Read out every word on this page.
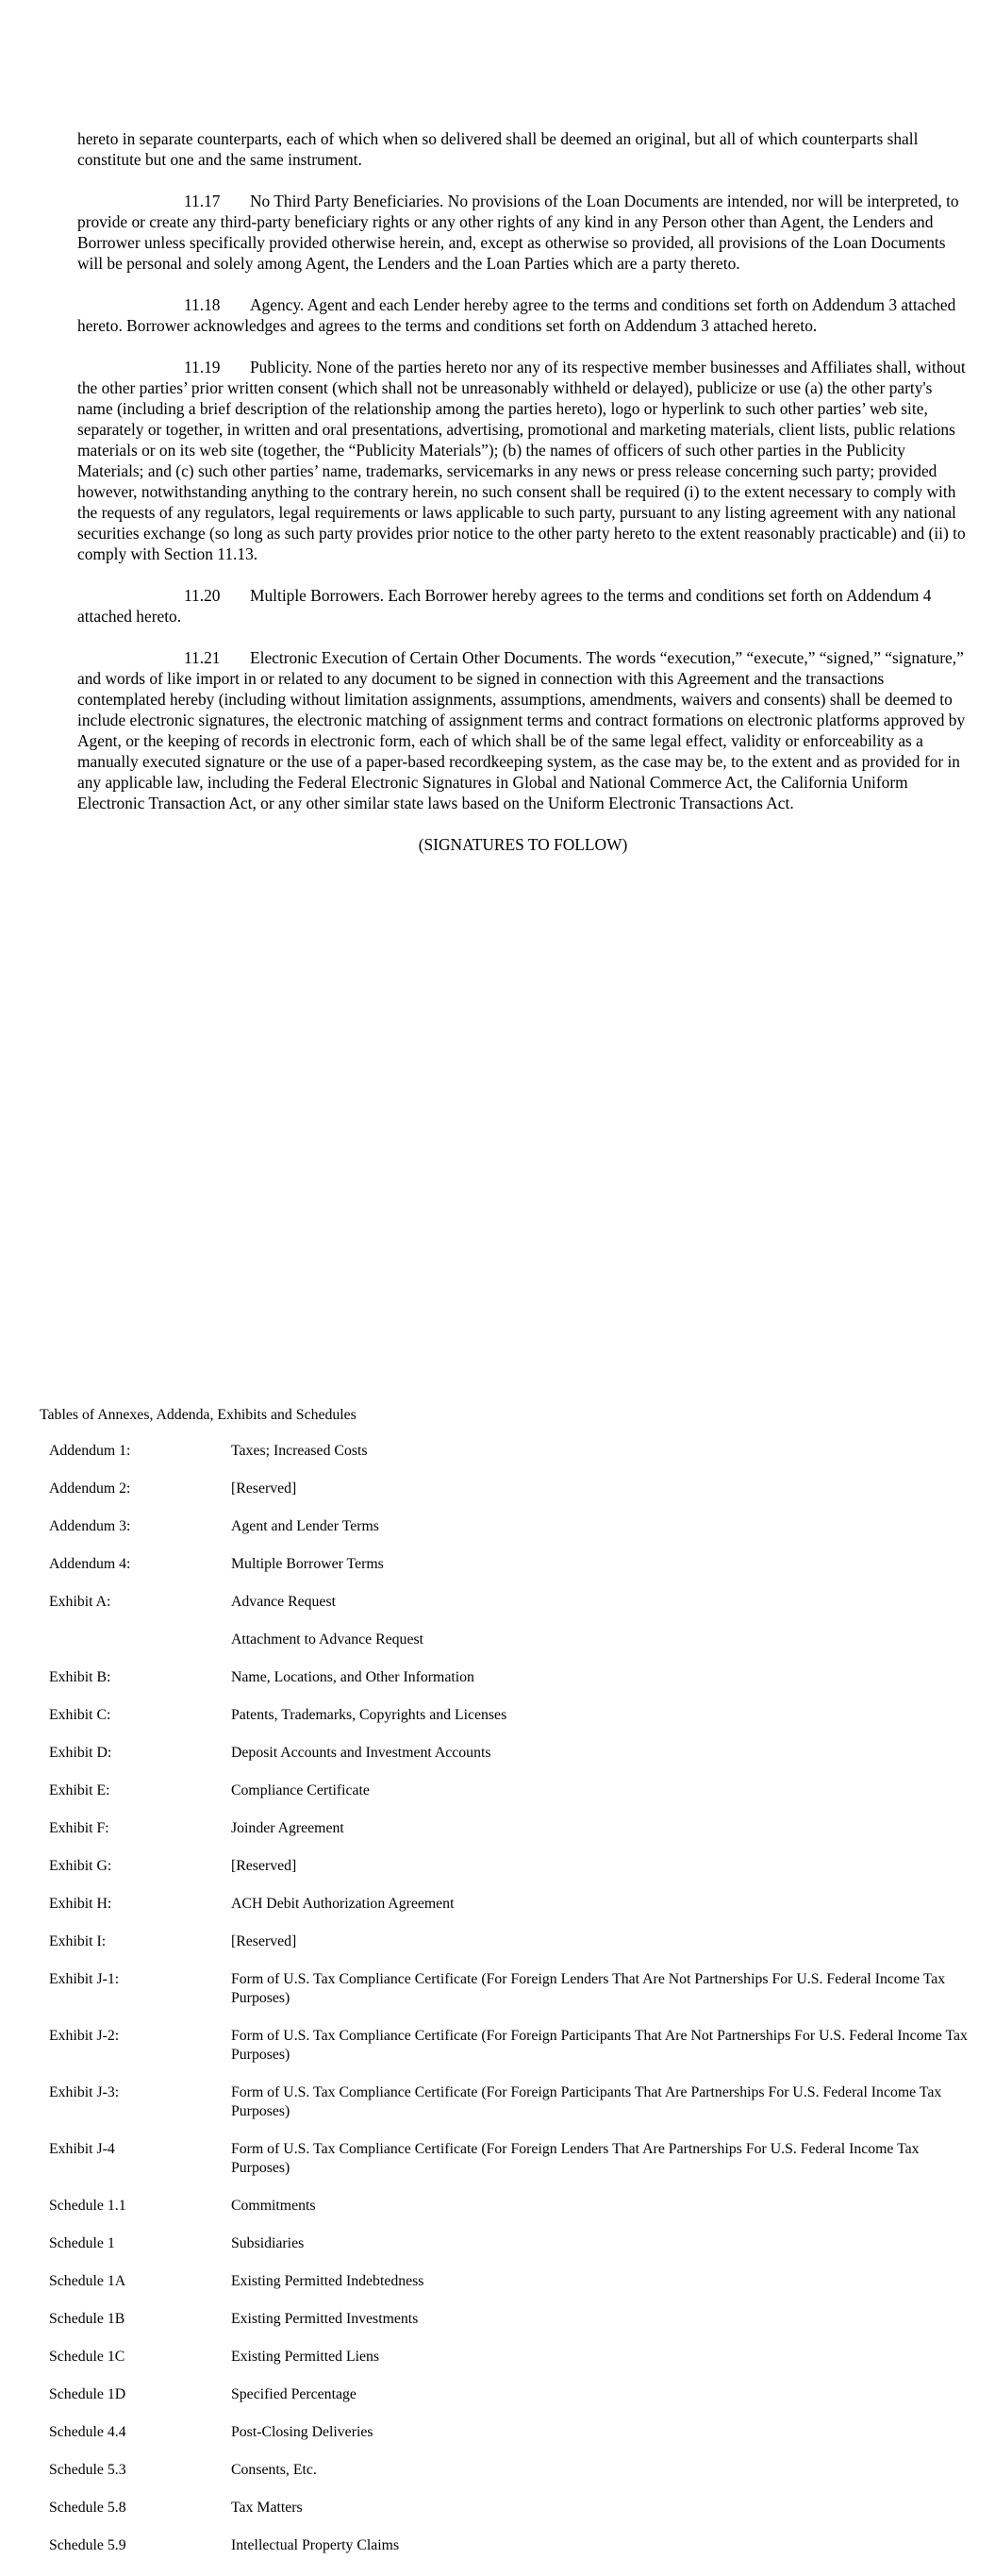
hereto in separate counterparts, each of which when so delivered shall be deemed an original, but all of which counterparts shall constitute but one and the same instrument.

11.17 No Third Party Beneficiaries. No provisions of the Loan Documents are intended, nor will be interpreted, to provide or create any third-party beneficiary rights or any other rights of any kind in any Person other than Agent, the Lenders and Borrower unless specifically provided otherwise herein, and, except as otherwise so provided, all provisions of the Loan Documents will be personal and solely among Agent, the Lenders and the Loan Parties which are a party thereto.

11.18 Agency. Agent and each Lender hereby agree to the terms and conditions set forth on Addendum 3 attached hereto. Borrower acknowledges and agrees to the terms and conditions set forth on Addendum 3 attached hereto.

11.19 Publicity. None of the parties hereto nor any of its respective member businesses and Affiliates shall, without the other parties’ prior written consent (which shall not be unreasonably withheld or delayed), publicize or use (a) the other party's name (including a brief description of the relationship among the parties hereto), logo or hyperlink to such other parties’ web site, separately or together, in written and oral presentations, advertising, promotional and marketing materials, client lists, public relations materials or on its web site (together, the “Publicity Materials”); (b) the names of officers of such other parties in the Publicity Materials; and (c) such other parties’ name, trademarks, servicemarks in any news or press release concerning such party; provided however, notwithstanding anything to the contrary herein, no such consent shall be required (i) to the extent necessary to comply with the requests of any regulators, legal requirements or laws applicable to such party, pursuant to any listing agreement with any national securities exchange (so long as such party provides prior notice to the other party hereto to the extent reasonably practicable) and (ii) to comply with Section 11.13.

11.20 Multiple Borrowers. Each Borrower hereby agrees to the terms and conditions set forth on Addendum 4 attached hereto.

11.21 Electronic Execution of Certain Other Documents. The words “execution,” “execute,” “signed,” “signature,” and words of like import in or related to any document to be signed in connection with this Agreement and the transactions contemplated hereby (including without limitation assignments, assumptions, amendments, waivers and consents) shall be deemed to include electronic signatures, the electronic matching of assignment terms and contract formations on electronic platforms approved by Agent, or the keeping of records in electronic form, each of which shall be of the same legal effect, validity or enforceability as a manually executed signature or the use of a paper-based recordkeeping system, as the case may be, to the extent and as provided for in any applicable law, including the Federal Electronic Signatures in Global and National Commerce Act, the California Uniform Electronic Transaction Act, or any other similar state laws based on the Uniform Electronic Transactions Act.

(SIGNATURES TO FOLLOW)
Tables of Annexes, Addenda, Exhibits and Schedules
Addendum 1:	Taxes; Increased Costs
Addendum 2:	[Reserved]
Addendum 3:	Agent and Lender Terms
Addendum 4:	Multiple Borrower Terms
Exhibit A:	Advance Request
Attachment to Advance Request
Exhibit B:	Name, Locations, and Other Information
Exhibit C:	Patents, Trademarks, Copyrights and Licenses
Exhibit D:	Deposit Accounts and Investment Accounts
Exhibit E:	Compliance Certificate
Exhibit F:	Joinder Agreement
Exhibit G:	[Reserved]
Exhibit H:	ACH Debit Authorization Agreement
Exhibit I:	[Reserved]
Exhibit J-1:	Form of U.S. Tax Compliance Certificate (For Foreign Lenders That Are Not Partnerships For U.S. Federal Income Tax Purposes)
Exhibit J-2:	Form of U.S. Tax Compliance Certificate (For Foreign Participants That Are Not Partnerships For U.S. Federal Income Tax Purposes)
Exhibit J-3:	Form of U.S. Tax Compliance Certificate (For Foreign Participants That Are Partnerships For U.S. Federal Income Tax Purposes)
Exhibit J-4	Form of U.S. Tax Compliance Certificate (For Foreign Lenders That Are Partnerships For U.S. Federal Income Tax Purposes)
Schedule 1.1	Commitments
Schedule 1	Subsidiaries
Schedule 1A	Existing Permitted Indebtedness
Schedule 1B	Existing Permitted Investments
Schedule 1C	Existing Permitted Liens
Schedule 1D	Specified Percentage
Schedule 4.4	Post-Closing Deliveries
Schedule 5.3	Consents, Etc.
Schedule 5.8	Tax Matters
Schedule 5.9	Intellectual Property Claims
